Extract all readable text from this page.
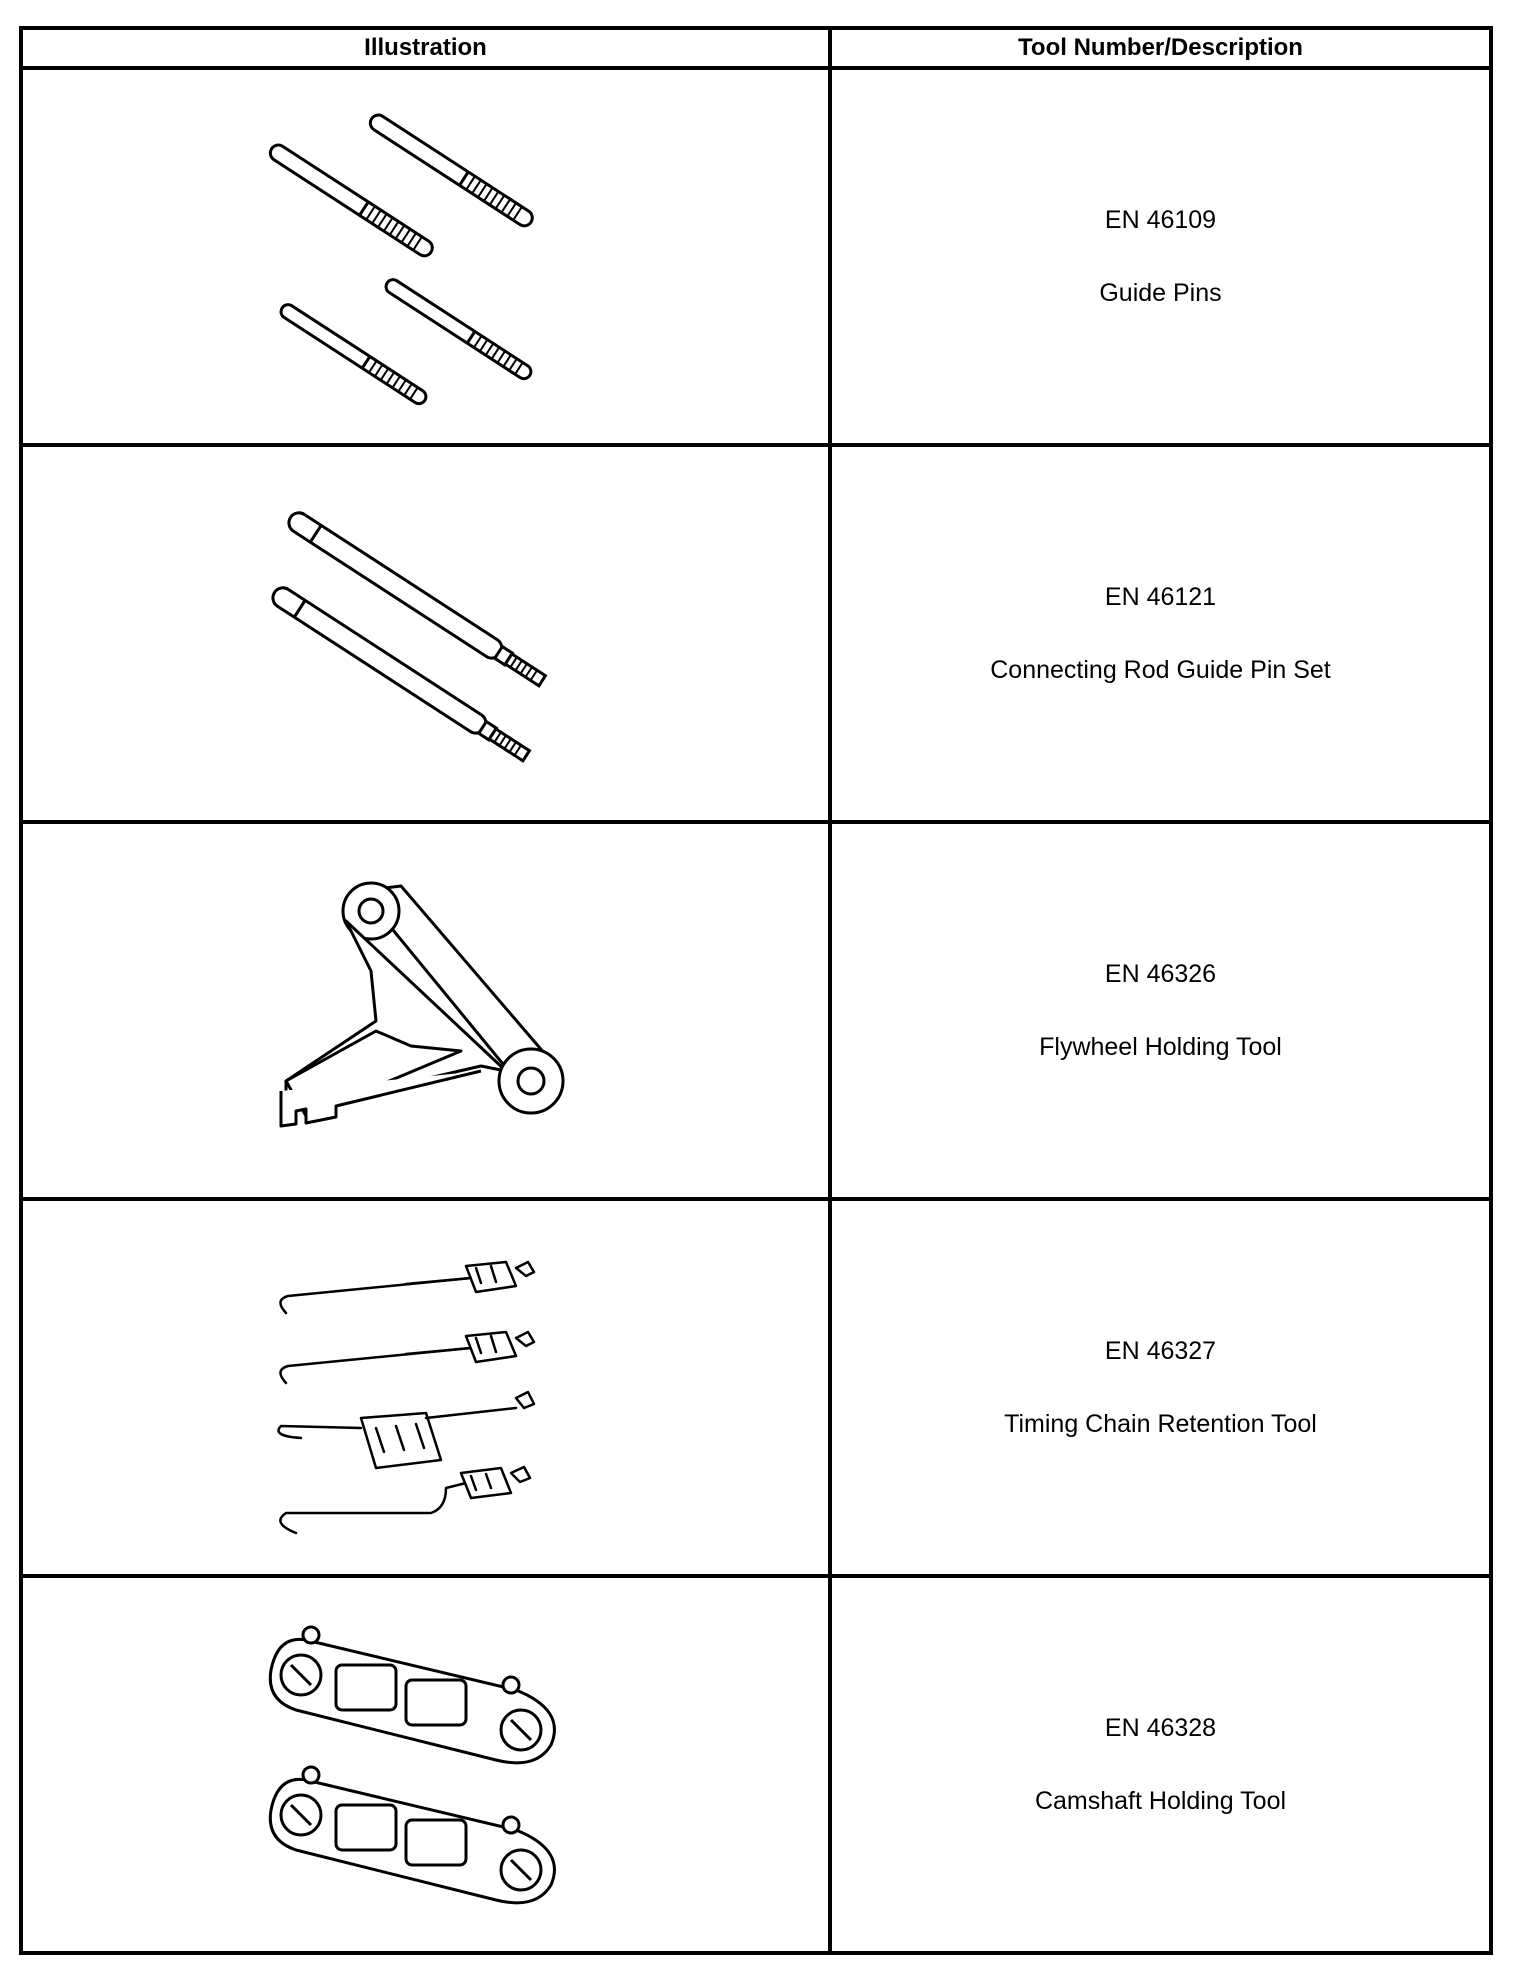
Illustration	Tool Number/Description

EN 46109
Guide Pins

EN 46121
Connecting Rod Guide Pin Set

EN 46326
Flywheel Holding Tool

EN 46327
Timing Chain Retention Tool

EN 46328
Camshaft Holding Tool
